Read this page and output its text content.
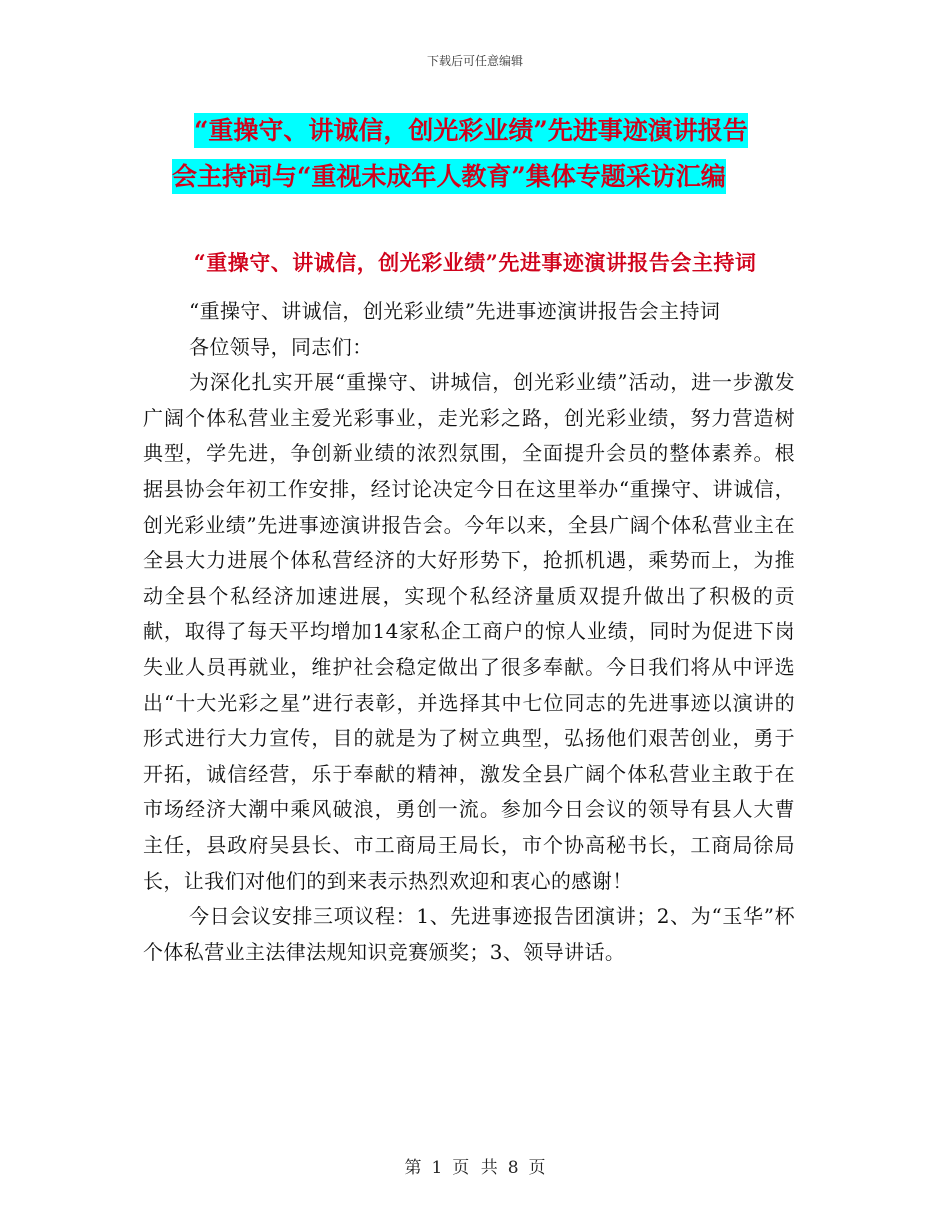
下载后可任意编辑
“重操守、讲诚信，创光彩业绩”先进事迹演讲报告
会主持词与“重视未成年人教育”集体专题采访汇编
“重操守、讲诚信，创光彩业绩”先进事迹演讲报告会主持词

“重操守、讲诚信，创光彩业绩”先进事迹演讲报告会主持词

各位领导，同志们：

为深化扎实开展“重操守、讲城信，创光彩业绩”活动，进一步激发广阔个体私营业主爱光彩事业，走光彩之路，创光彩业绩，努力营造树典型，学先进，争创新业绩的浓烈氛围，全面提升会员的整体素养。根据县协会年初工作安排，经讨论决定今日在这里举办“重操守、讲诚信，创光彩业绩”先进事迹演讲报告会。今年以来，全县广阔个体私营业主在全县大力进展个体私营经济的大好形势下，抢抓机遇，乘势而上，为推动全县个私经济加速进展，实现个私经济量质双提升做出了积极的贡献，取得了每天平均增加14家私企工商户的惊人业绩，同时为促进下岗失业人员再就业，维护社会稳定做出了很多奉献。今日我们将从中评选出“十大光彩之星”进行表彰，并选择其中七位同志的先进事迹以演讲的形式进行大力宣传，目的就是为了树立典型，弘扬他们艰苦创业，勇于开拓，诚信经营，乐于奉献的精神，激发全县广阔个体私营业主敢于在市场经济大潮中乘风破浪，勇创一流。参加今日会议的领导有县人大曹主任，县政府吴县长、市工商局王局长，市个协高秘书长，工商局徐局长，让我们对他们的到来表示热烈欢迎和衷心的感谢！

今日会议安排三项议程：1、先进事迹报告团演讲；2、为“玉华”杯个体私营业主法律法规知识竞赛颁奖；3、领导讲话。

第 1 页 共 8 页
